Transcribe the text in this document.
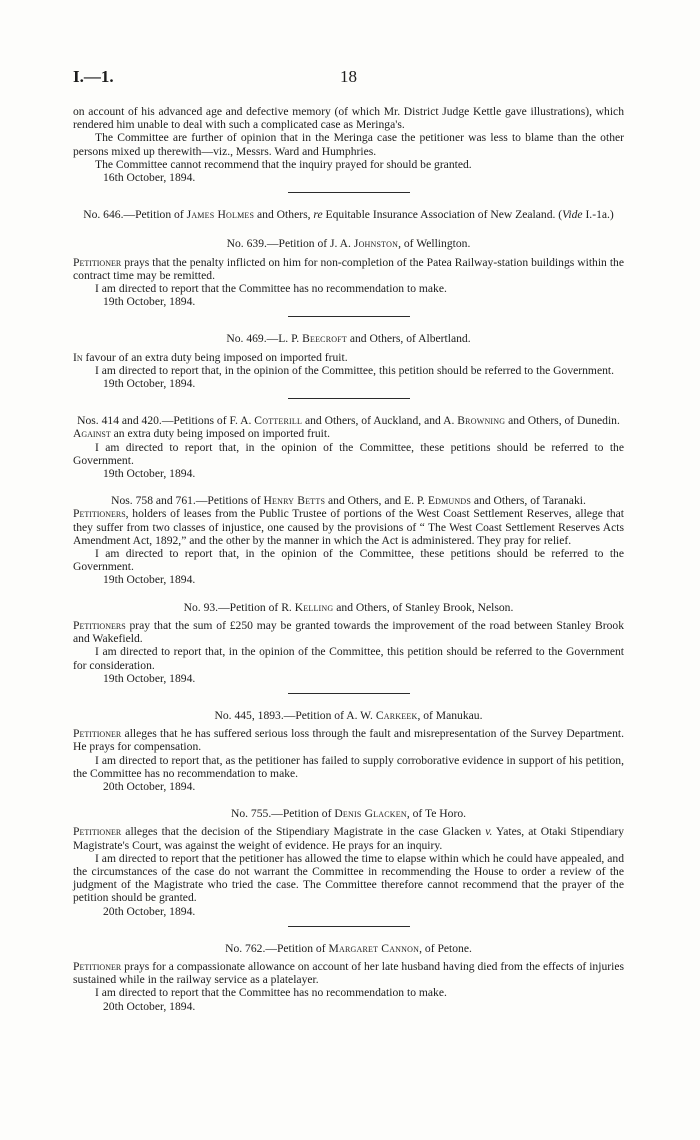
I.—1.	18

on account of his advanced age and defective memory (of which Mr. District Judge Kettle gave illustrations), which rendered him unable to deal with such a complicated case as Meringa's.

The Committee are further of opinion that in the Meringa case the petitioner was less to blame than the other persons mixed up therewith—viz., Messrs. Ward and Humphries.

The Committee cannot recommend that the inquiry prayed for should be granted.

16th October, 1894.

No. 646.—Petition of James Holmes and Others, re Equitable Insurance Association of New Zealand. (Vide I.-1a.)

No. 639.—Petition of J. A. Johnston, of Wellington.

Petitioner prays that the penalty inflicted on him for non-completion of the Patea Railway-station buildings within the contract time may be remitted.

I am directed to report that the Committee has no recommendation to make.

19th October, 1894.

No. 469.—L. P. Beecroft and Others, of Albertland.

In favour of an extra duty being imposed on imported fruit.

I am directed to report that, in the opinion of the Committee, this petition should be referred to the Government.

19th October, 1894.

Nos. 414 and 420.—Petitions of F. A. Cotterill and Others, of Auckland, and A. Browning and Others, of Dunedin.

Against an extra duty being imposed on imported fruit.

I am directed to report that, in the opinion of the Committee, these petitions should be referred to the Government.

19th October, 1894.

Nos. 758 and 761.—Petitions of Henry Betts and Others, and E. P. Edmunds and Others, of Taranaki.

Petitioners, holders of leases from the Public Trustee of portions of the West Coast Settlement Reserves, allege that they suffer from two classes of injustice, one caused by the provisions of “ The West Coast Settlement Reserves Acts Amendment Act, 1892,” and the other by the manner in which the Act is administered. They pray for relief.

I am directed to report that, in the opinion of the Committee, these petitions should be referred to the Government.

19th October, 1894.

No. 93.—Petition of R. Kelling and Others, of Stanley Brook, Nelson.

Petitioners pray that the sum of £250 may be granted towards the improvement of the road between Stanley Brook and Wakefield.

I am directed to report that, in the opinion of the Committee, this petition should be referred to the Government for consideration.

19th October, 1894.

No. 445, 1893.—Petition of A. W. Carkeek, of Manukau.

Petitioner alleges that he has suffered serious loss through the fault and misrepresentation of the Survey Department. He prays for compensation.

I am directed to report that, as the petitioner has failed to supply corroborative evidence in support of his petition, the Committee has no recommendation to make.

20th October, 1894.

No. 755.—Petition of Denis Glacken, of Te Horo.

Petitioner alleges that the decision of the Stipendiary Magistrate in the case Glacken v. Yates, at Otaki Stipendiary Magistrate's Court, was against the weight of evidence. He prays for an inquiry.

I am directed to report that the petitioner has allowed the time to elapse within which he could have appealed, and the circumstances of the case do not warrant the Committee in recommending the House to order a review of the judgment of the Magistrate who tried the case. The Committee therefore cannot recommend that the prayer of the petition should be granted.

20th October, 1894.

No. 762.—Petition of Margaret Cannon, of Petone.

Petitioner prays for a compassionate allowance on account of her late husband having died from the effects of injuries sustained while in the railway service as a platelayer.

I am directed to report that the Committee has no recommendation to make.

20th October, 1894.
